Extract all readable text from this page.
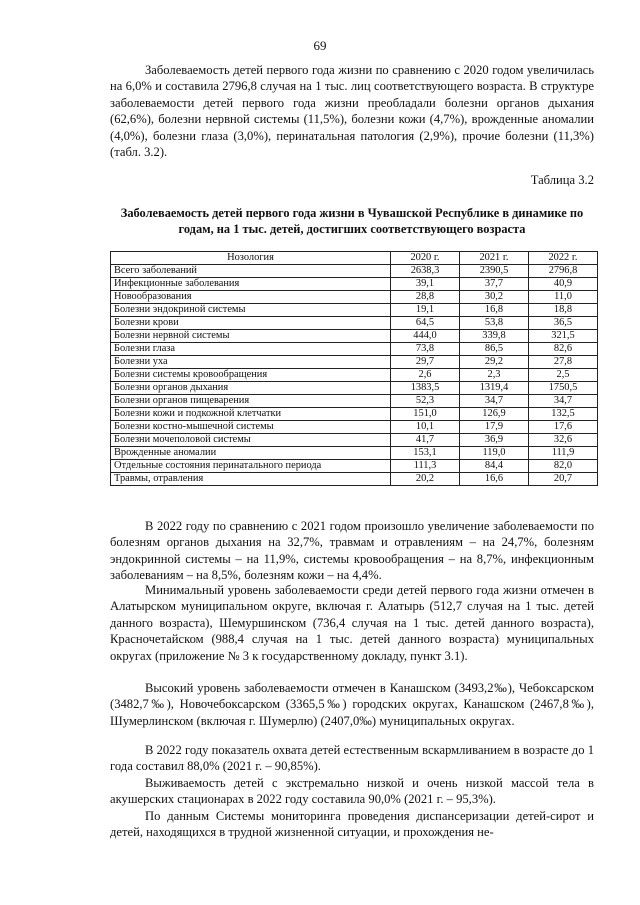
69

Заболеваемость детей первого года жизни по сравнению с 2020 годом увеличилась на 6,0% и составила 2796,8 случая на 1 тыс. лиц соответствующего возраста. В структуре заболеваемости детей первого года жизни преобладали болезни органов дыхания (62,6%), болезни нервной системы (11,5%), болезни кожи (4,7%), врожденные аномалии (4,0%), болезни глаза (3,0%), перинатальная патология (2,9%), прочие болезни (11,3%) (табл. 3.2).

Таблица 3.2

Заболеваемость детей первого года жизни в Чувашской Республике в динамике по годам, на 1 тыс. детей, достигших соответствующего возраста

Нозология	2020 г.	2021 г.	2022 г.
Всего заболеваний	2638,3	2390,5	2796,8
Инфекционные заболевания	39,1	37,7	40,9
Новообразования	28,8	30,2	11,0
Болезни эндокриной системы	19,1	16,8	18,8
Болезни крови	64,5	53,8	36,5
Болезни нервной системы	444,0	339,8	321,5
Болезни глаза	73,8	86,5	82,6
Болезни уха	29,7	29,2	27,8
Болезни системы кровообращения	2,6	2,3	2,5
Болезни органов дыхания	1383,5	1319,4	1750,5
Болезни органов пищеварения	52,3	34,7	34,7
Болезни кожи и подкожной клетчатки	151,0	126,9	132,5
Болезни костно-мышечной системы	10,1	17,9	17,6
Болезни мочеполовой системы	41,7	36,9	32,6
Врожденные аномалии	153,1	119,0	111,9
Отдельные состояния перинатального периода	111,3	84,4	82,0
Травмы, отравления	20,2	16,6	20,7

В 2022 году по сравнению с 2021 годом произошло увеличение заболеваемости по болезням органов дыхания на 32,7%, травмам и отравлениям – на 24,7%, болезням эндокринной системы – на 11,9%, системы кровообращения – на 8,7%, инфекционным заболеваниям – на 8,5%, болезням кожи – на 4,4%.

Минимальный уровень заболеваемости среди детей первого года жизни отмечен в Алатырском муниципальном округе, включая г. Алатырь (512,7 случая на 1 тыс. детей данного возраста), Шемуршинском (736,4 случая на 1 тыс. детей данного возраста), Красночетайском (988,4 случая на 1 тыс. детей данного возраста) муниципальных округах (приложение № 3 к государственному докладу, пункт 3.1).

Высокий уровень заболеваемости отмечен в Канашском (3493,2‰), Чебоксарском (3482,7‰), Новочебоксарском (3365,5‰) городских округах, Канашском (2467,8‰), Шумерлинском (включая г. Шумерлю) (2407,0‰) муниципальных округах.

В 2022 году показатель охвата детей естественным вскармливанием в возрасте до 1 года составил 88,0% (2021 г. – 90,85%).

Выживаемость детей с экстремально низкой и очень низкой массой тела в акушерских стационарах в 2022 году составила 90,0% (2021 г. – 95,3%).

По данным Системы мониторинга проведения диспансеризации детей-сирот и детей, находящихся в трудной жизненной ситуации, и прохождения не-
